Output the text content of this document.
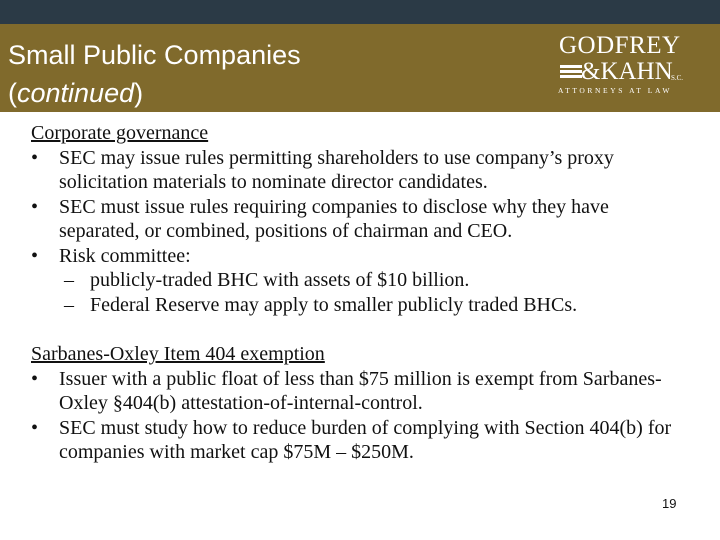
Small Public Companies
(continued)
GODFREY
&KAHN
S.C.
ATTORNEYS AT LAW
Corporate governance
•	SEC may issue rules permitting shareholders to use company’s proxy solicitation materials to nominate director candidates.
•	SEC must issue rules requiring companies to disclose why they have separated, or combined, positions of chairman and CEO.
•	Risk committee:
– publicly-traded BHC with assets of $10 billion.
– Federal Reserve may apply to smaller publicly traded BHCs.
Sarbanes-Oxley Item 404 exemption
•	Issuer with a public float of less than $75 million is exempt from Sarbanes-Oxley §404(b) attestation-of-internal-control.
•	SEC must study how to reduce burden of complying with Section 404(b) for companies with market cap $75M – $250M.
19
